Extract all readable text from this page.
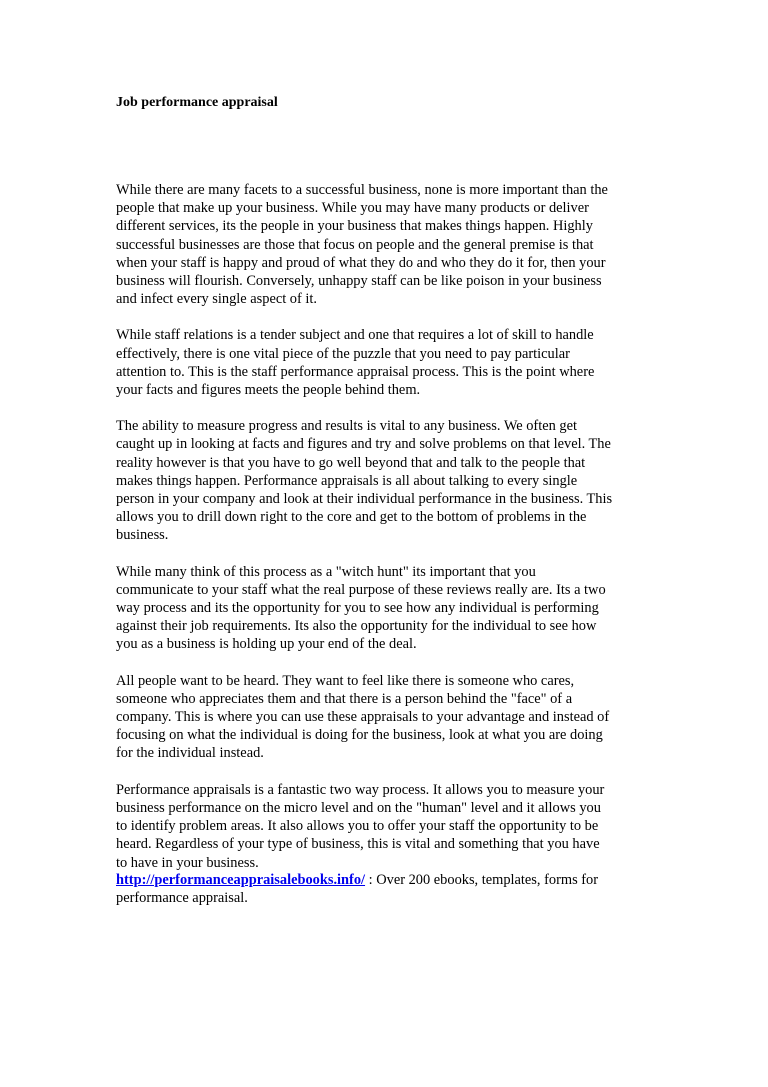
Job performance appraisal

While there are many facets to a successful business, none is more important than the
people that make up your business. While you may have many products or deliver
different services, its the people in your business that makes things happen. Highly
successful businesses are those that focus on people and the general premise is that
when your staff is happy and proud of what they do and who they do it for, then your
business will flourish. Conversely, unhappy staff can be like poison in your business
and infect every single aspect of it.

While staff relations is a tender subject and one that requires a lot of skill to handle
effectively, there is one vital piece of the puzzle that you need to pay particular
attention to. This is the staff performance appraisal process. This is the point where
your facts and figures meets the people behind them.

The ability to measure progress and results is vital to any business. We often get
caught up in looking at facts and figures and try and solve problems on that level. The
reality however is that you have to go well beyond that and talk to the people that
makes things happen. Performance appraisals is all about talking to every single
person in your company and look at their individual performance in the business. This
allows you to drill down right to the core and get to the bottom of problems in the
business.

While many think of this process as a "witch hunt" its important that you
communicate to your staff what the real purpose of these reviews really are. Its a two
way process and its the opportunity for you to see how any individual is performing
against their job requirements. Its also the opportunity for the individual to see how
you as a business is holding up your end of the deal.

All people want to be heard. They want to feel like there is someone who cares,
someone who appreciates them and that there is a person behind the "face" of a
company. This is where you can use these appraisals to your advantage and instead of
focusing on what the individual is doing for the business, look at what you are doing
for the individual instead.

Performance appraisals is a fantastic two way process. It allows you to measure your
business performance on the micro level and on the "human" level and it allows you
to identify problem areas. It also allows you to offer your staff the opportunity to be
heard. Regardless of your type of business, this is vital and something that you have
to have in your business.

http://performanceappraisalebooks.info/ : Over 200 ebooks, templates, forms for
performance appraisal.
